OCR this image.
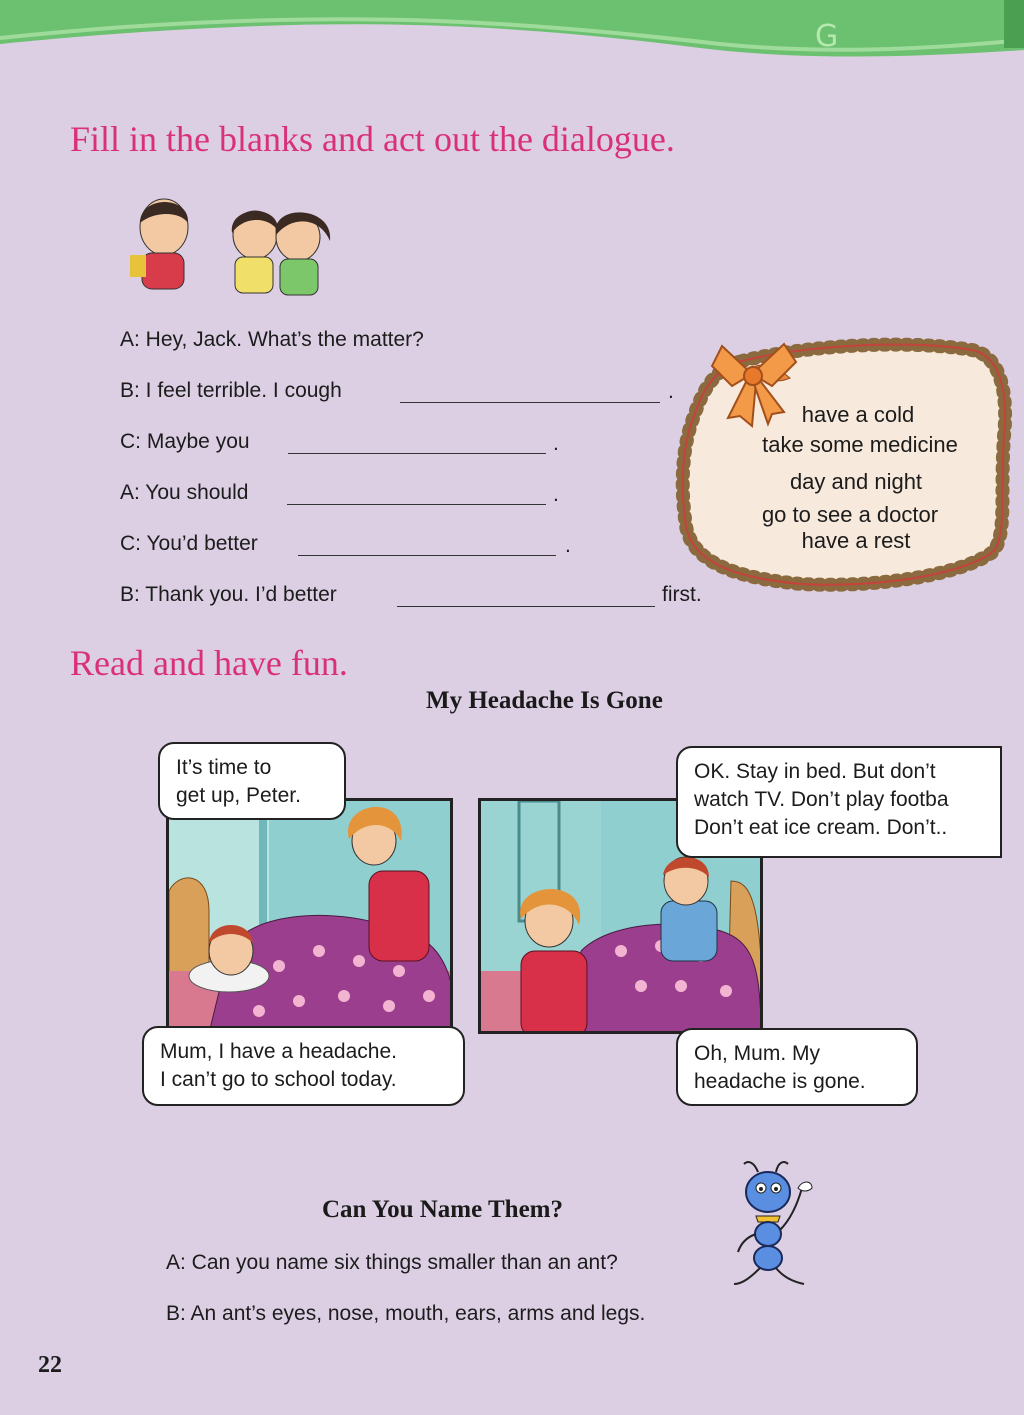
G
Fill in the blanks and act out the dialogue.
A: Hey, Jack. What’s the matter?
B: I feel terrible. I cough	.
C: Maybe you	.
A: You should	.
C: You’d better	.
B: Thank you. I’d better	first.
have a cold
take some medicine
day and night
go to see a doctor
have a rest
Read and have fun.
My Headache Is Gone
It’s time to
get up, Peter.
Mum, I have a headache.
I can’t go to school today.
OK. Stay in bed. But don’t
watch TV. Don’t play footba
Don’t eat ice cream. Don’t..
Oh, Mum. My
headache is gone.
Can You Name Them?
A: Can you name six things smaller than an ant?
B: An ant’s eyes, nose, mouth, ears, arms and legs.
22
